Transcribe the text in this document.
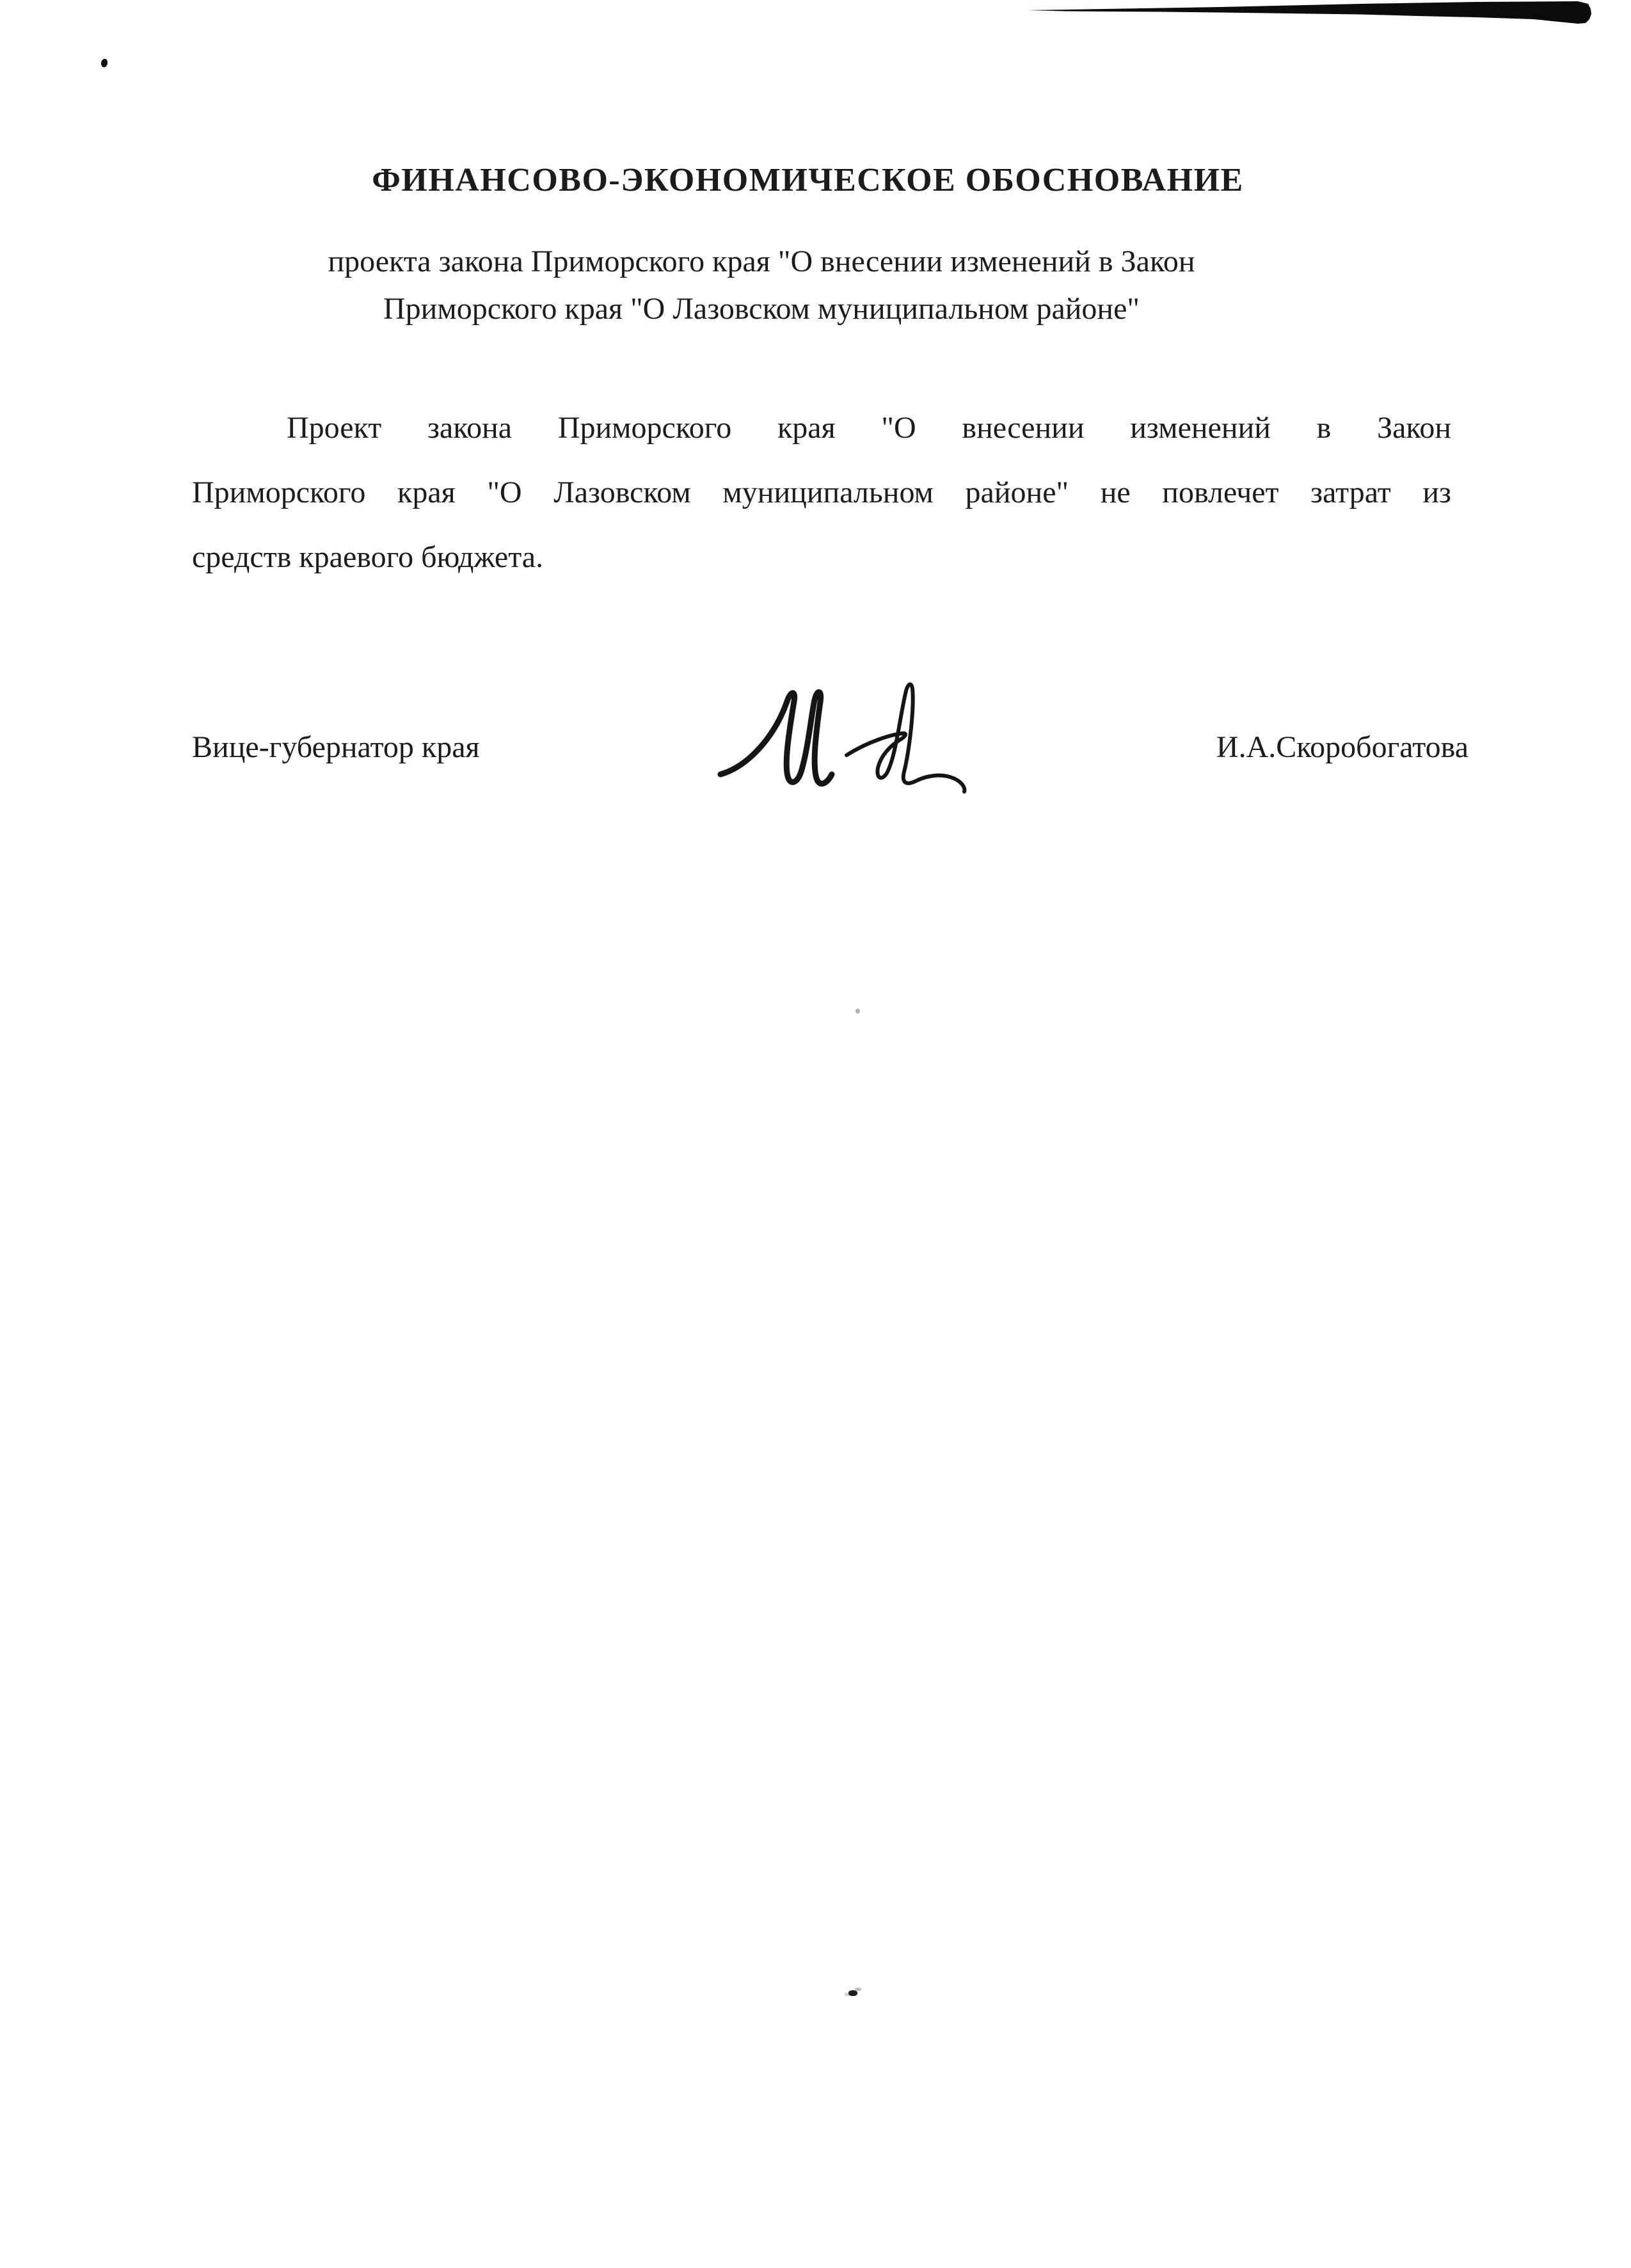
ФИНАНСОВО-ЭКОНОМИЧЕСКОЕ ОБОСНОВАНИЕ
проекта закона Приморского края "О внесении изменений в Закон
Приморского края "О Лазовском муниципальном районе"
Проект закона Приморского края "О внесении изменений в Закон
Приморского края "О Лазовском муниципальном районе" не повлечет затрат из
средств краевого бюджета.
Вице-губернатор края	И.А.Скоробогатова
